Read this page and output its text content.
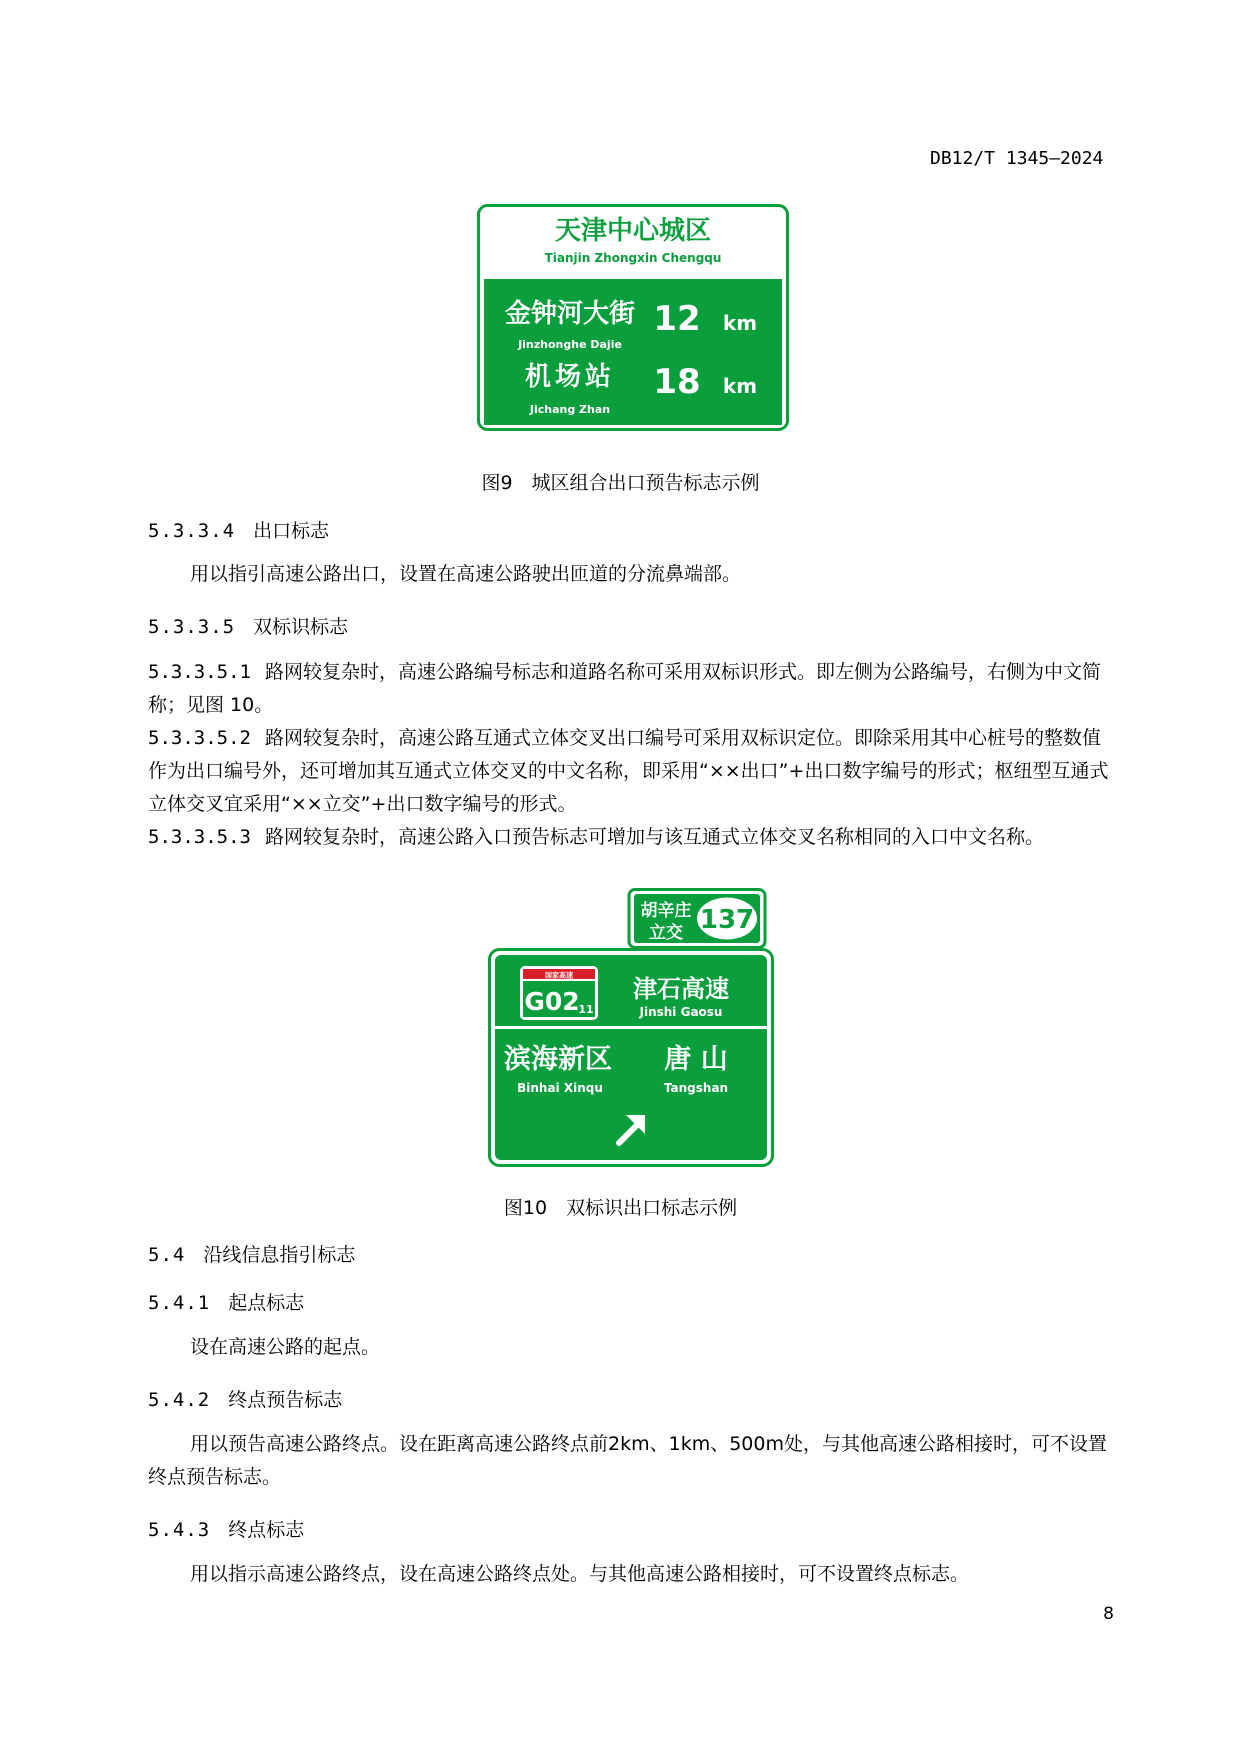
DB12/T 1345—2024
天津中心城区
Tianjin Zhongxin Chengqu
金钟河大街
Jinzhonghe Dajie
12 km
机场站
Jichang Zhan
18 km
图9　城区组合出口预告标志示例
5.3.3.4 出口标志
用以指引高速公路出口，设置在高速公路驶出匝道的分流鼻端部。
5.3.3.5 双标识标志
5.3.3.5.1 路网较复杂时，高速公路编号标志和道路名称可采用双标识形式。即左侧为公路编号，右侧为中文简称；见图 10。
5.3.3.5.2 路网较复杂时，高速公路互通式立体交叉出口编号可采用双标识定位。即除采用其中心桩号的整数值作为出口编号外，还可增加其互通式立体交叉的中文名称，即采用“××出口”+出口数字编号的形式；枢纽型互通式立体交叉宜采用“××立交”+出口数字编号的形式。
5.3.3.5.3 路网较复杂时，高速公路入口预告标志可增加与该互通式立体交叉名称相同的入口中文名称。
胡辛庄
立交 137
国家高速
G02
11
津石高速
Jinshi Gaosu
滨海新区
Binhai Xinqu
唐 山
Tangshan
图10　双标识出口标志示例
5.4 沿线信息指引标志
5.4.1 起点标志
设在高速公路的起点。
5.4.2 终点预告标志
用以预告高速公路终点。设在距离高速公路终点前2km、1km、500m处，与其他高速公路相接时，可不设置终点预告标志。
5.4.3 终点标志
用以指示高速公路终点，设在高速公路终点处。与其他高速公路相接时，可不设置终点标志。
8
